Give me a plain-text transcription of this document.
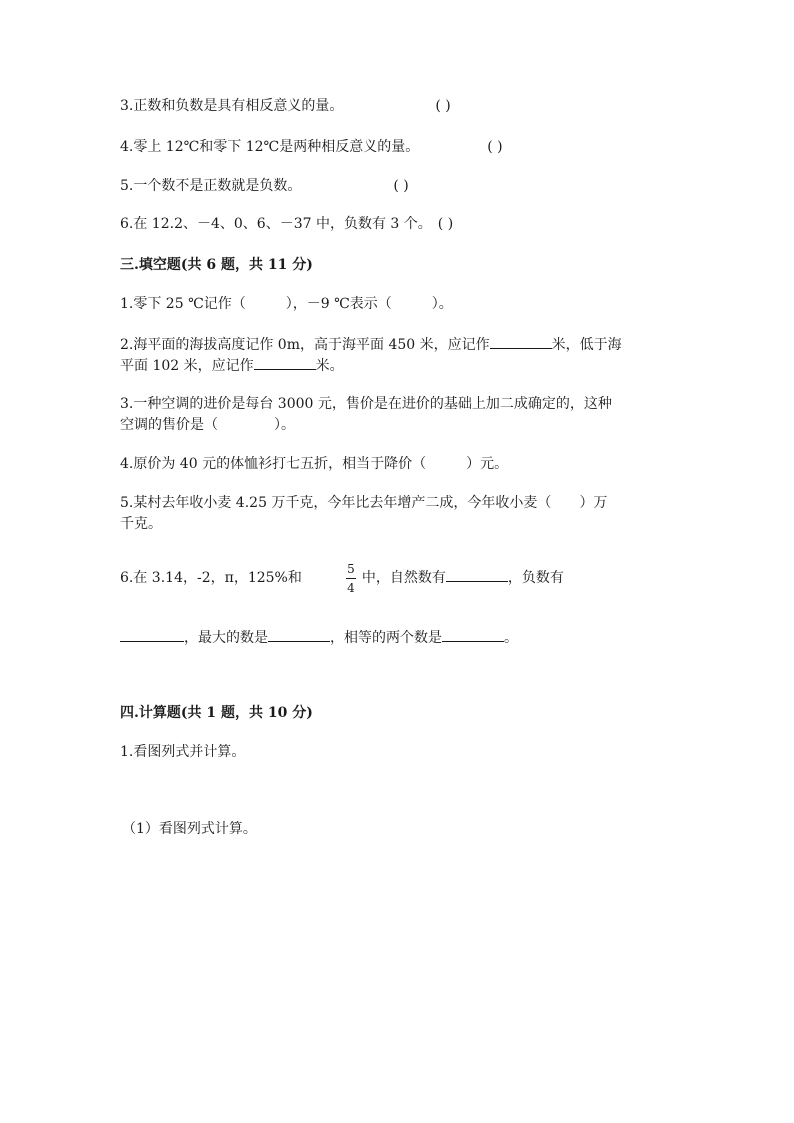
3.正数和负数是具有相反意义的量。	( )
4.零上 12℃和零下 12℃是两种相反意义的量。	( )
5.一个数不是正数就是负数。	( )
6.在 12.2、－4、0、6、－37 中，负数有 3 个。 ( )
三.填空题(共 6 题，共 11 分)
1.零下 25 ℃记作（	），－9 ℃表示（	）。
2.海平面的海拔高度记作 0m，高于海平面 450 米，应记作	米，低于海
平面 102 米，应记作	米。
3.一种空调的进价是每台 3000 元，售价是在进价的基础上加二成确定的，这种
空调的售价是（	）。
4.原价为 40 元的体恤衫打七五折，相当于降价（	）元。
5.某村去年收小麦 4.25 万千克，今年比去年增产二成，今年收小麦（ ）万
千克。
6.在 3.14，-2，π，125%和	中，自然数有	，负数有
5
4
，最大的数是	，相等的两个数是	。
四.计算题(共 1 题，共 10 分)
1.看图列式并计算。
（1）看图列式计算。
